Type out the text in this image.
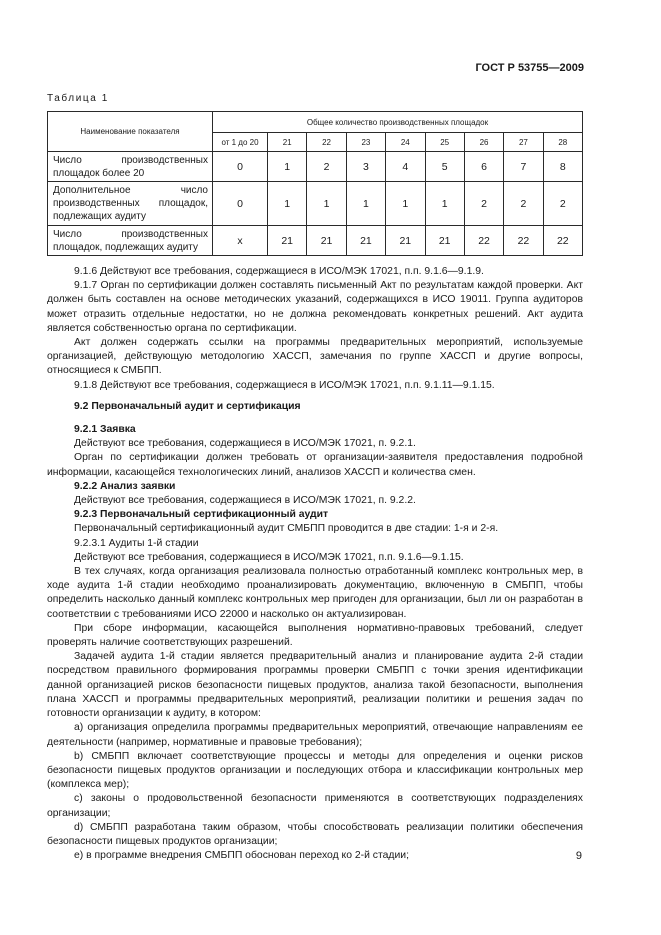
ГОСТ Р 53755—2009
Таблица 1
Наименование показателя	Общее количество производственных площадок								
	от 1 до 20	21	22	23	24	25	26	27	28
Число производственных площадок более 20	0	1	2	3	4	5	6	7	8
Дополнительное число производственных площадок, подлежащих аудиту	0	1	1	1	1	1	2	2	2
Число производственных площадок, подлежащих аудиту	x	21	21	21	21	21	22	22	22

9.1.6 Действуют все требования, содержащиеся в ИСО/МЭК 17021, п.п. 9.1.6—9.1.9.

9.1.7 Орган по сертификации должен составлять письменный Акт по результатам каждой проверки. Акт должен быть составлен на основе методических указаний, содержащихся в ИСО 19011. Группа аудиторов может отразить отдельные недостатки, но не должна рекомендовать конкретных решений. Акт аудита является собственностью органа по сертификации.

Акт должен содержать ссылки на программы предварительных мероприятий, используемые организацией, действующую методологию ХАССП, замечания по группе ХАССП и другие вопросы, относящиеся к СМБПП.

9.1.8 Действуют все требования, содержащиеся в ИСО/МЭК 17021, п.п. 9.1.11—9.1.15.

9.2 Первоначальный аудит и сертификация

9.2.1 Заявка

Действуют все требования, содержащиеся в ИСО/МЭК 17021, п. 9.2.1.

Орган по сертификации должен требовать от организации-заявителя предоставления подробной информации, касающейся технологических линий, анализов ХАССП и количества смен.

9.2.2 Анализ заявки

Действуют все требования, содержащиеся в ИСО/МЭК 17021, п. 9.2.2.

9.2.3 Первоначальный сертификационный аудит

Первоначальный сертификационный аудит СМБПП проводится в две стадии: 1-я и 2-я.

9.2.3.1 Аудиты 1-й стадии

Действуют все требования, содержащиеся в ИСО/МЭК 17021, п.п. 9.1.6—9.1.15.

В тех случаях, когда организация реализовала полностью отработанный комплекс контрольных мер, в ходе аудита 1-й стадии необходимо проанализировать документацию, включенную в СМБПП, чтобы определить насколько данный комплекс контрольных мер пригоден для организации, был ли он разработан в соответствии с требованиями ИСО 22000 и насколько он актуализирован.

При сборе информации, касающейся выполнения нормативно-правовых требований, следует проверять наличие соответствующих разрешений.

Задачей аудита 1-й стадии является предварительный анализ и планирование аудита 2-й стадии посредством правильного формирования программы проверки СМБПП с точки зрения идентификации данной организацией рисков безопасности пищевых продуктов, анализа такой безопасности, выполнения плана ХАССП и программы предварительных мероприятий, реализации политики и решения задач по готовности организации к аудиту, в котором:

a) организация определила программы предварительных мероприятий, отвечающие направлениям ее деятельности (например, нормативные и правовые требования);

b) СМБПП включает соответствующие процессы и методы для определения и оценки рисков безопасности пищевых продуктов организации и последующих отбора и классификации контрольных мер (комплекса мер);

c) законы о продовольственной безопасности применяются в соответствующих подразделениях организации;

d) СМБПП разработана таким образом, чтобы способствовать реализации политики обеспечения безопасности пищевых продуктов организации;

e) в программе внедрения СМБПП обоснован переход ко 2-й стадии;	9
